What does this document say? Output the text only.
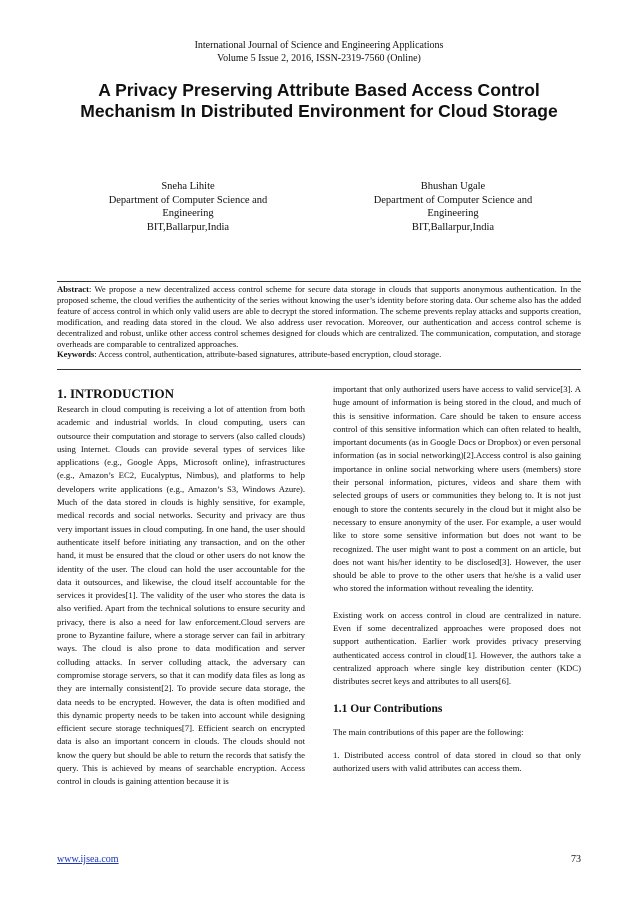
International Journal of Science and Engineering Applications
Volume 5 Issue 2, 2016, ISSN-2319-7560 (Online)
A Privacy Preserving Attribute Based Access Control Mechanism In Distributed Environment for Cloud Storage
Sneha Lihite
Department of Computer Science and
Engineering
BIT,Ballarpur,India
Bhushan Ugale
Department of Computer Science and
Engineering
BIT,Ballarpur,India
Abstract: We propose a new decentralized access control scheme for secure data storage in clouds that supports anonymous authentication. In the proposed scheme, the cloud verifies the authenticity of the series without knowing the user’s identity before storing data. Our scheme also has the added feature of access control in which only valid users are able to decrypt the stored information. The scheme prevents replay attacks and supports creation, modification, and reading data stored in the cloud. We also address user revocation. Moreover, our authentication and access control scheme is decentralized and robust, unlike other access control schemes designed for clouds which are centralized. The communication, computation, and storage overheads are comparable to centralized approaches.
Keywords: Access control, authentication, attribute-based signatures, attribute-based encryption, cloud storage.
1. INTRODUCTION

Research in cloud computing is receiving a lot of attention from both academic and industrial worlds. In cloud computing, users can outsource their computation and storage to servers (also called clouds) using Internet. Clouds can provide several types of services like applications (e.g., Google Apps, Microsoft online), infrastructures (e.g., Amazon’s EC2, Eucalyptus, Nimbus), and platforms to help developers write applications (e.g., Amazon’s S3, Windows Azure). Much of the data stored in clouds is highly sensitive, for example, medical records and social networks. Security and privacy are thus very important issues in cloud computing. In one hand, the user should authenticate itself before initiating any transaction, and on the other hand, it must be ensured that the cloud or other users do not know the identity of the user. The cloud can hold the user accountable for the data it outsources, and likewise, the cloud itself accountable for the services it provides[1]. The validity of the user who stores the data is also verified. Apart from the technical solutions to ensure security and privacy, there is also a need for law enforcement.Cloud servers are prone to Byzantine failure, where a storage server can fail in arbitrary ways. The cloud is also prone to data modification and server colluding attacks. In server colluding attack, the adversary can compromise storage servers, so that it can modify data files as long as they are internally consistent[2]. To provide secure data storage, the data needs to be encrypted. However, the data is often modified and this dynamic property needs to be taken into account while designing efficient secure storage techniques[7]. Efficient search on encrypted data is also an important concern in clouds. The clouds should not know the query but should be able to return the records that satisfy the query. This is achieved by means of searchable encryption. Access control in clouds is gaining attention because it is

important that only authorized users have access to valid service[3]. A huge amount of information is being stored in the cloud, and much of this is sensitive information. Care should be taken to ensure access control of this sensitive information which can often related to health, important documents (as in Google Docs or Dropbox) or even personal information (as in social networking)[2].Access control is also gaining importance in online social networking where users (members) store their personal information, pictures, videos and share them with selected groups of users or communities they belong to. It is not just enough to store the contents securely in the cloud but it might also be necessary to ensure anonymity of the user. For example, a user would like to store some sensitive information but does not want to be recognized. The user might want to post a comment on an article, but does not want his/her identity to be disclosed[3]. However, the user should be able to prove to the other users that he/she is a valid user who stored the information without revealing the identity.

Existing work on access control in cloud are centralized in nature. Even if some decentralized approaches were proposed does not support authentication. Earlier work provides privacy preserving authenticated access control in cloud[1]. However, the authors take a centralized approach where single key distribution center (KDC) distributes secret keys and attributes to all users[6].

1.1 Our Contributions

The main contributions of this paper are the following:

1. Distributed access control of data stored in cloud so that only authorized users with valid attributes can access them.

www.ijsea.com	73
